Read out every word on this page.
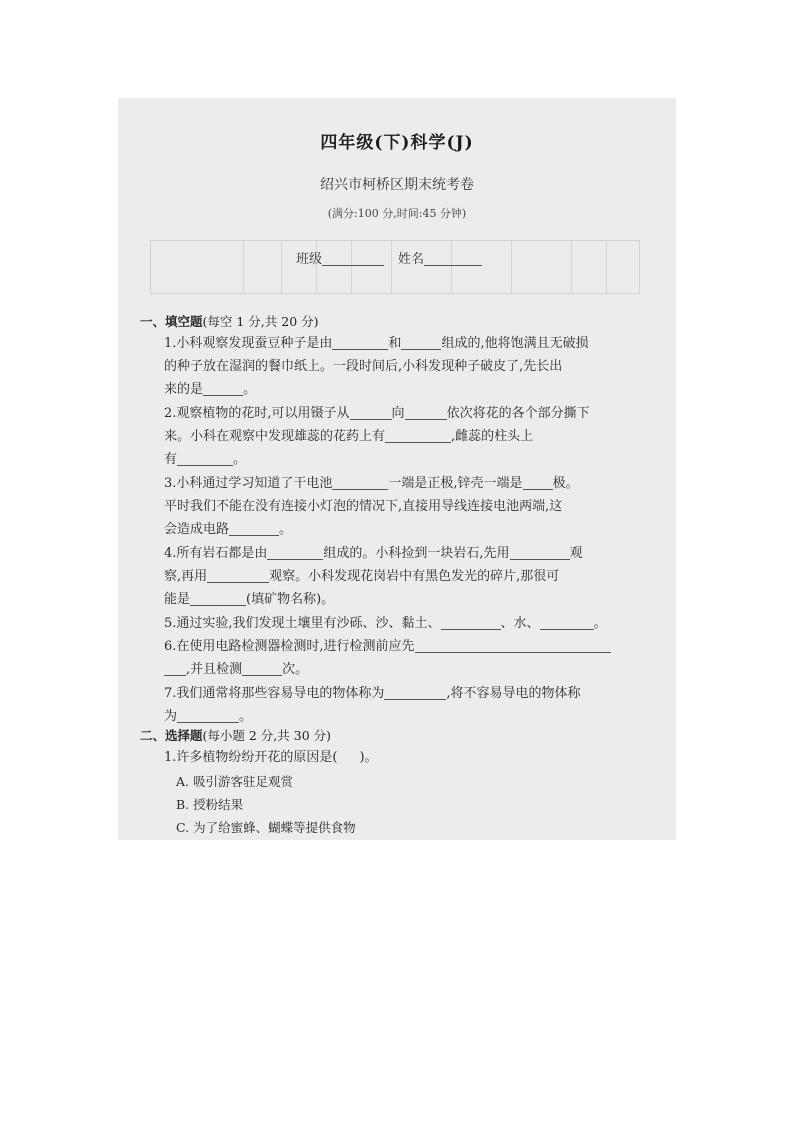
四年级(下)科学(J)
绍兴市柯桥区期末统考卷
(满分:100 分,时间:45 分钟)
班级	姓名
一、填空题(每空 1 分,共 20 分)
1.小科观察发现蚕豆种子是由	和	组成的,他将饱满且无破损
的种子放在湿润的餐巾纸上。一段时间后,小科发现种子破皮了,先长出
来的是	。
2.观察植物的花时,可以用镊子从	向	依次将花的各个部分撕下
来。小科在观察中发现雄蕊的花药上有	,雌蕊的柱头上
有	。
3.小科通过学习知道了干电池	一端是正极,锌壳一端是 极。
平时我们不能在没有连接小灯泡的情况下,直接用导线连接电池两端,这
会造成电路	。
4.所有岩石都是由	组成的。小科捡到一块岩石,先用	观
察,再用	观察。小科发现花岗岩中有黑色发光的碎片,那很可
能是	(填矿物名称)。
5.通过实验,我们发现土壤里有沙砾、沙、黏土、	、水、	。
6.在使用电路检测器检测时,进行检测前应先
,并且检测	次。
7.我们通常将那些容易导电的物体称为	,将不容易导电的物体称
为	。
二、选择题(每小题 2 分,共 30 分)
1.许多植物纷纷开花的原因是( )。
A. 吸引游客驻足观赏
B. 授粉结果
C. 为了给蜜蜂、蝴蝶等提供食物
